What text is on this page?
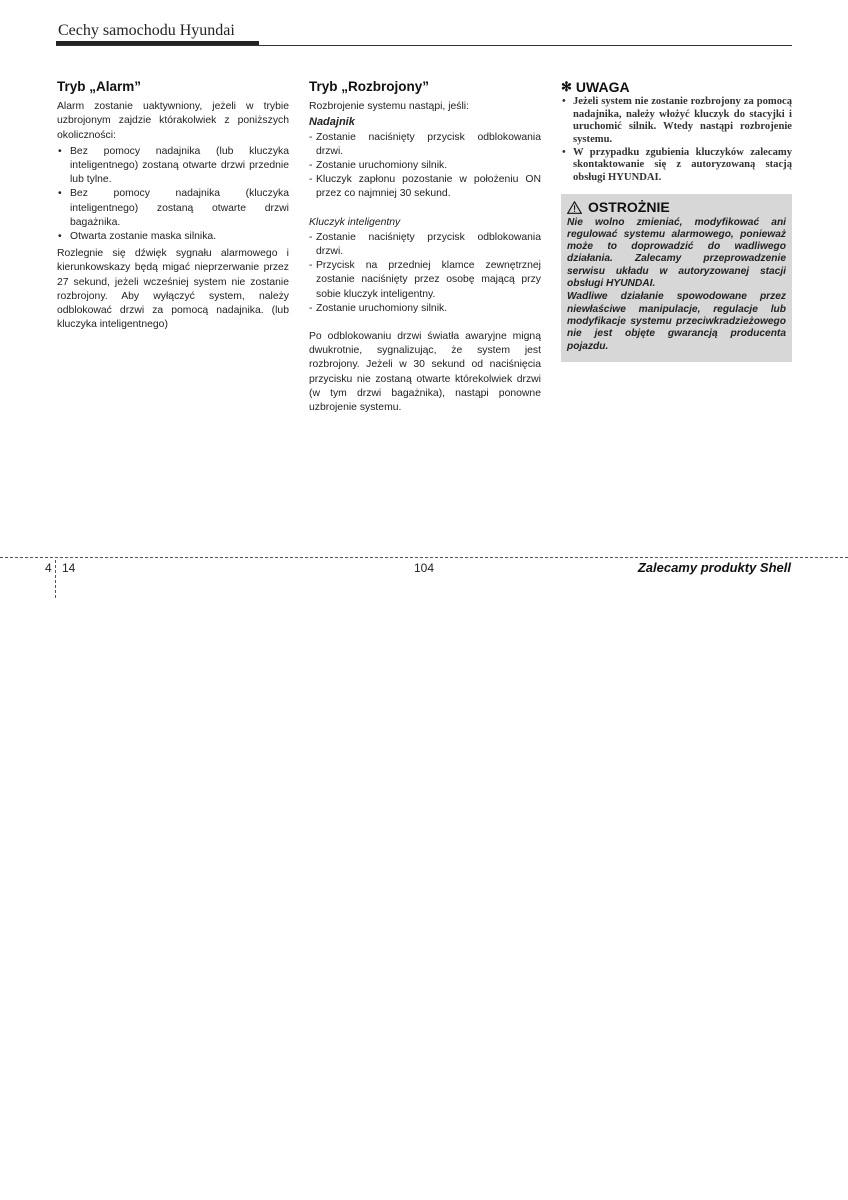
Cechy samochodu Hyundai
Tryb „Alarm”

Alarm zostanie uaktywniony, jeżeli w trybie uzbrojonym zajdzie którakolwiek z poniższych okoliczności:

• Bez pomocy nadajnika (lub kluczyka inteligentnego) zostaną otwarte drzwi przednie lub tylne.
• Bez pomocy nadajnika (kluczyka inteligentnego) zostaną otwarte drzwi bagażnika.
• Otwarta zostanie maska silnika.

Rozlegnie się dźwięk sygnału alarmowego i kierunkowskazy będą migać nieprzerwanie przez 27 sekund, jeżeli wcześniej system nie zostanie rozbrojony. Aby wyłączyć system, należy odblokować drzwi za pomocą nadajnika. (lub kluczyka inteligentnego)

Tryb „Rozbrojony”

Rozbrojenie systemu nastąpi, jeśli:

Nadajnik
- Zostanie naciśnięty przycisk odblokowania drzwi.
- Zostanie uruchomiony silnik.
- Kluczyk zapłonu pozostanie w położeniu ON przez co najmniej 30 sekund.
Kluczyk inteligentny
- Zostanie naciśnięty przycisk odblokowania drzwi.
- Przycisk na przedniej klamce zewnętrznej zostanie naciśnięty przez osobę mającą przy sobie kluczyk inteligentny.
- Zostanie uruchomiony silnik.

Po odblokowaniu drzwi światła awaryjne migną dwukrotnie, sygnalizując, że system jest rozbrojony. Jeżeli w 30 sekund od naciśnięcia przycisku nie zostaną otwarte którekolwiek drzwi (w tym drzwi bagażnika), nastąpi ponowne uzbrojenie systemu.

✻ UWAGA
• Jeżeli system nie zostanie rozbrojony za pomocą nadajnika, należy włożyć kluczyk do stacyjki i uruchomić silnik. Wtedy nastąpi rozbrojenie systemu.
• W przypadku zgubienia kluczyków zalecamy skontaktowanie się z autoryzowaną stacją obsługi HYUNDAI.
OSTROŻNIE

Nie wolno zmieniać, modyfikować ani regulować systemu alarmowego, ponieważ może to doprowadzić do wadliwego działania. Zalecamy przeprowadzenie serwisu układu w autoryzowanej stacji obsługi HYUNDAI.

Wadliwe działanie spowodowane przez niewłaściwe manipulacje, regulacje lub modyfikacje systemu przeciwkradzieżowego nie jest objęte gwarancją producenta pojazdu.

4 14	104	Zalecamy produkty Shell
